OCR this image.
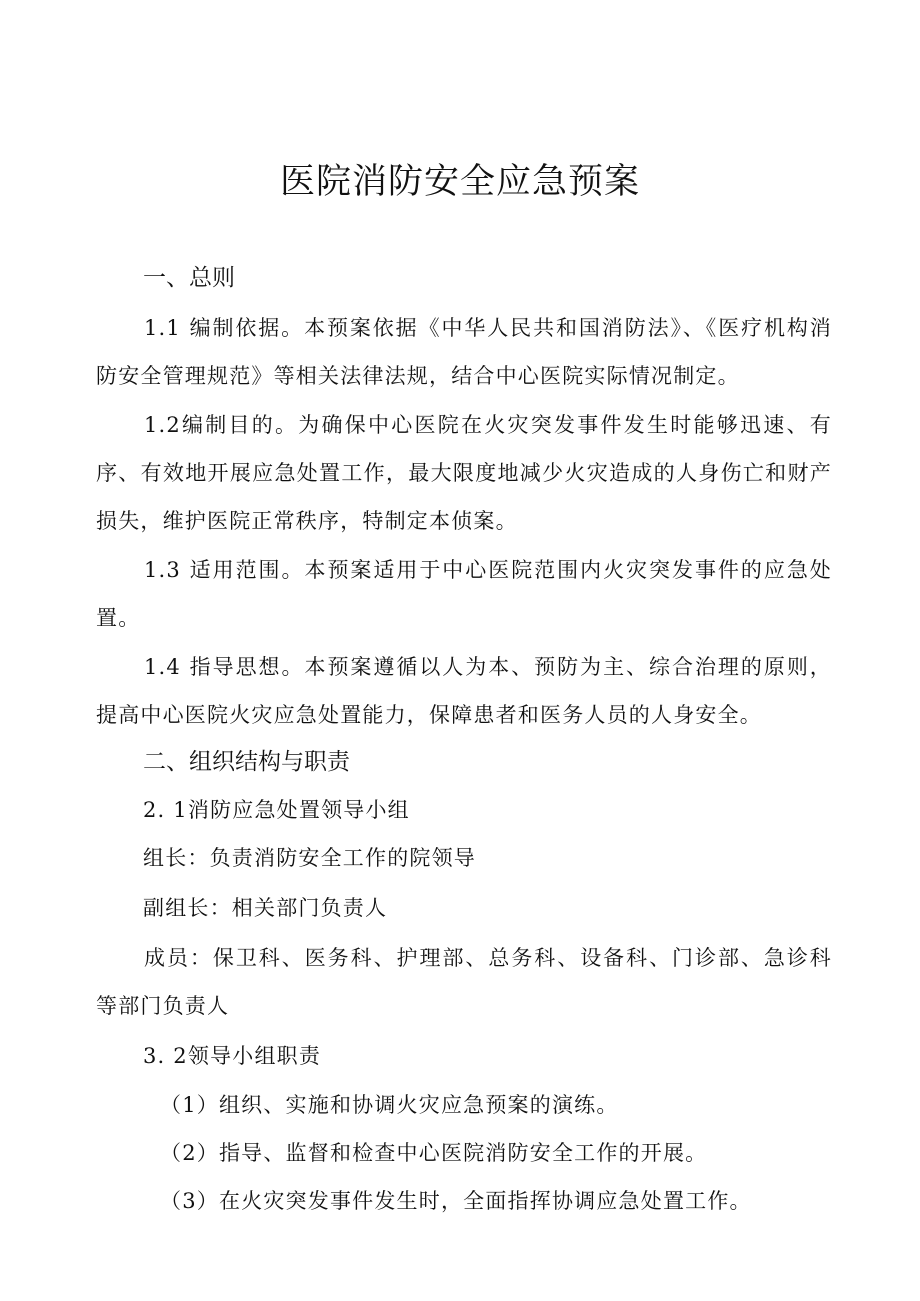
医院消防安全应急预案
一、总则

1.1 编制依据。本预案依据《中华人民共和国消防法》、《医疗机构消防安全管理规范》等相关法律法规，结合中心医院实际情况制定。

1.2编制目的。为确保中心医院在火灾突发事件发生时能够迅速、有序、有效地开展应急处置工作，最大限度地减少火灾造成的人身伤亡和财产损失，维护医院正常秩序，特制定本侦案。

1.3 适用范围。本预案适用于中心医院范围内火灾突发事件的应急处置。

1.4 指导思想。本预案遵循以人为本、预防为主、综合治理的原则，提高中心医院火灾应急处置能力，保障患者和医务人员的人身安全。

二、组织结构与职责
2. 1消防应急处置领导小组
组长：负责消防安全工作的院领导
副组长：相关部门负责人

成员：保卫科、医务科、护理部、总务科、设备科、门诊部、急诊科等部门负责人

3. 2领导小组职责
（1）组织、实施和协调火灾应急预案的演练。
（2）指导、监督和检查中心医院消防安全工作的开展。
（3）在火灾突发事件发生时，全面指挥协调应急处置工作。
